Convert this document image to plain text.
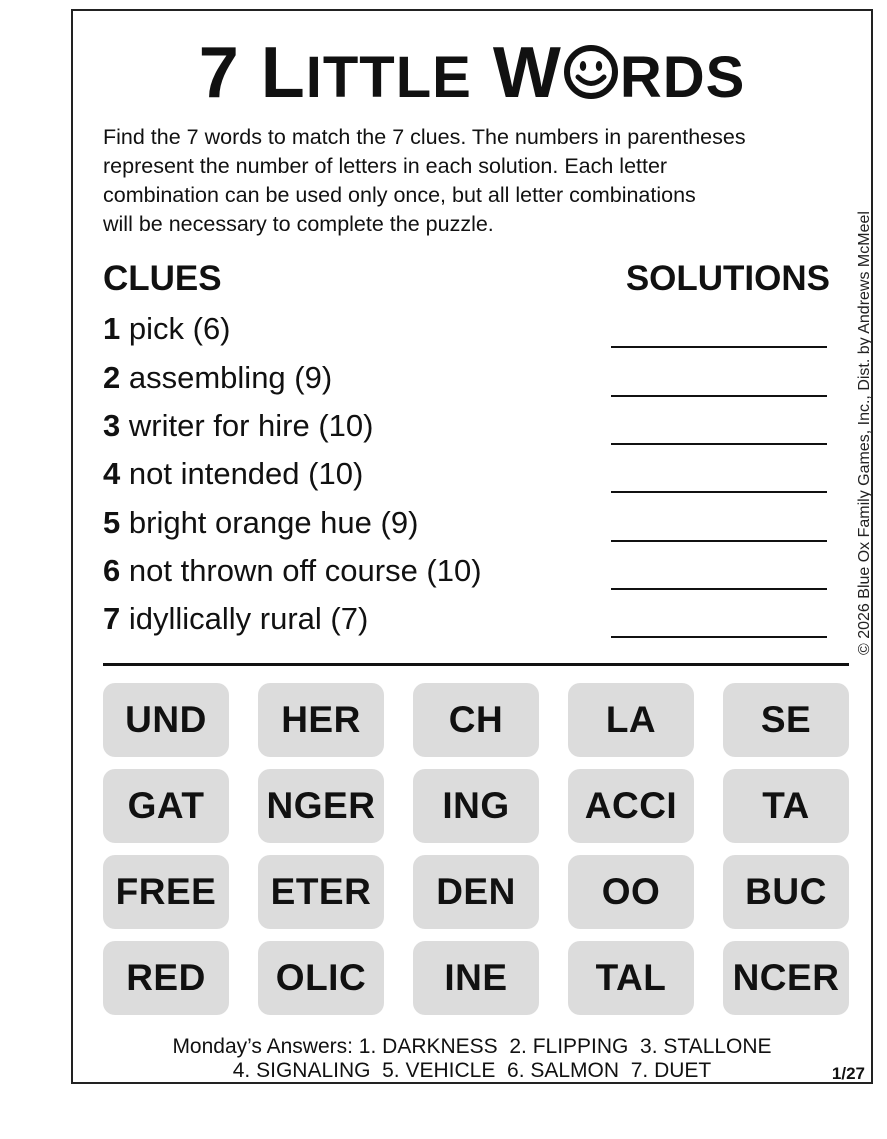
7 LITTLE W RDS
Find the 7 words to match the 7 clues. The numbers in parentheses
represent the number of letters in each solution. Each letter
combination can be used only once, but all letter combinations
will be necessary to complete the puzzle.
CLUES	SOLUTIONS
1 pick (6)
2 assembling (9)
3 writer for hire (10)
4 not intended (10)
5 bright orange hue (9)
6 not thrown off course (10)
7 idyllically rural (7)
UND	HER	CH	LA	SE
GAT	NGER	ING	ACCI	TA
FREE	ETER	DEN	OO	BUC
RED	OLIC	INE	TAL	NCER
Monday’s Answers: 1. DARKNESS  2. FLIPPING  3. STALLONE
4. SIGNALING  5. VEHICLE  6. SALMON  7. DUET	1/27
© 2026 Blue Ox Family Games, Inc., Dist. by Andrews McMeel
